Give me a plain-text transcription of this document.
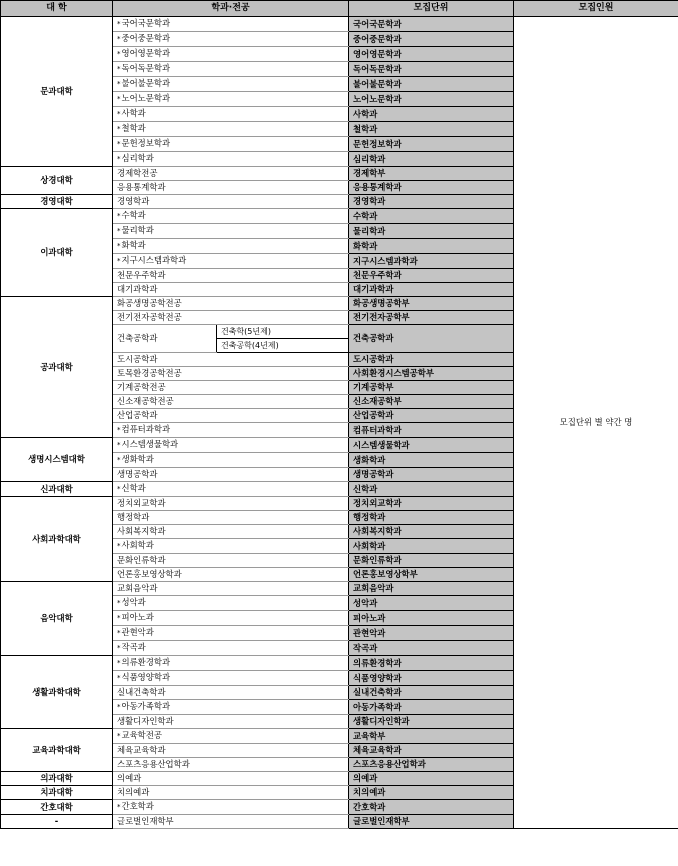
대 학	학과·전공		모집단위	모집인원
문과대학	*국어국문학과		국어국문학과	모집단위 별 약간 명
	*중어중문학과		중어중문학과	
	*영어영문학과		영어영문학과	
	*독어독문학과		독어독문학과	
	*불어불문학과		불어불문학과	
	*노어노문학과		노어노문학과	
	*사학과		사학과	
	*철학과		철학과	
	*문헌정보학과		문헌정보학과	
	*심리학과		심리학과	
상경대학	경제학전공		경제학부	
	응용통계학과		응용통계학과	
경영대학	경영학과		경영학과	
이과대학	*수학과		수학과	
	*물리학과		물리학과	
	*화학과		화학과	
	*지구시스템과학과		지구시스템과학과	
	천문우주학과		천문우주학과	
	대기과학과		대기과학과	
공과대학	화공생명공학전공		화공생명공학부	
	전기전자공학전공		전기전자공학부	
	건축공학과	건축학(5년제)	건축공학과	
		건축공학(4년제)		
	도시공학과		도시공학과	
	토목환경공학전공		사회환경시스템공학부	
	기계공학전공		기계공학부	
	신소재공학전공		신소재공학부	
	산업공학과		산업공학과	
	*컴퓨터과학과		컴퓨터과학과	
생명시스템대학	*시스템생물학과		시스템생물학과	
	*생화학과		생화학과	
	생명공학과		생명공학과	
신과대학	*신학과		신학과	
사회과학대학	정치외교학과		정치외교학과	
	행정학과		행정학과	
	사회복지학과		사회복지학과	
	*사회학과		사회학과	
	문화인류학과		문화인류학과	
	언론홍보영상학과		언론홍보영상학부	
음악대학	교회음악과		교회음악과	
	*성악과		성악과	
	*피아노과		피아노과	
	*관현악과		관현악과	
	*작곡과		작곡과	
생활과학대학	*의류환경학과		의류환경학과	
	*식품영양학과		식품영양학과	
	실내건축학과		실내건축학과	
	*아동가족학과		아동가족학과	
	생활디자인학과		생활디자인학과	
교육과학대학	*교육학전공		교육학부	
	체육교육학과		체육교육학과	
	스포츠응용산업학과		스포츠응용산업학과	
의과대학	의예과		의예과	
치과대학	치의예과		치의예과	
간호대학	*간호학과		간호학과	
-	글로벌인재학부		글로벌인재학부	
